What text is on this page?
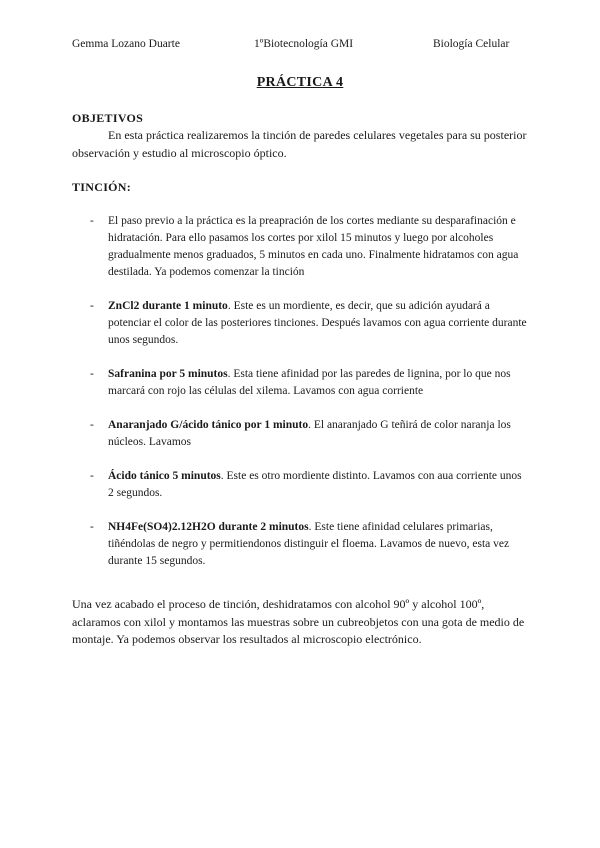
Gemma Lozano Duarte	1ºBiotecnología GMI	Biología Celular
PRÁCTICA 4
OBJETIVOS
En esta práctica realizaremos la tinción de paredes celulares vegetales para su posterior observación y estudio al microscopio óptico.
TINCIÓN:
- El paso previo a la práctica es la preapración de los cortes mediante su desparafinación e hidratación. Para ello pasamos los cortes por xilol 15 minutos y luego por alcoholes gradualmente menos graduados, 5 minutos en cada uno. Finalmente hidratamos con agua destilada. Ya podemos comenzar la tinción
- ZnCl2 durante 1 minuto. Este es un mordiente, es decir, que su adición ayudará a potenciar el color de las posteriores tinciones. Después lavamos con agua corriente durante unos segundos.
- Safranina por 5 minutos. Esta tiene afinidad por las paredes de lignina, por lo que nos marcará con rojo las células del xilema. Lavamos con agua corriente
- Anaranjado G/ácido tánico por 1 minuto. El anaranjado G teñirá de color naranja los núcleos. Lavamos
- Ácido tánico 5 minutos. Este es otro mordiente distinto. Lavamos con aua corriente unos 2 segundos.
- NH4Fe(SO4)2.12H2O durante 2 minutos. Este tiene afinidad celulares primarias, tiñéndolas de negro y permitiendonos distinguir el floema. Lavamos de nuevo, esta vez durante 15 segundos.
Una vez acabado el proceso de tinción, deshidratamos con alcohol 90º y alcohol 100º, aclaramos con xilol y montamos las muestras sobre un cubreobjetos con una gota de medio de montaje. Ya podemos observar los resultados al microscopio electrónico.
